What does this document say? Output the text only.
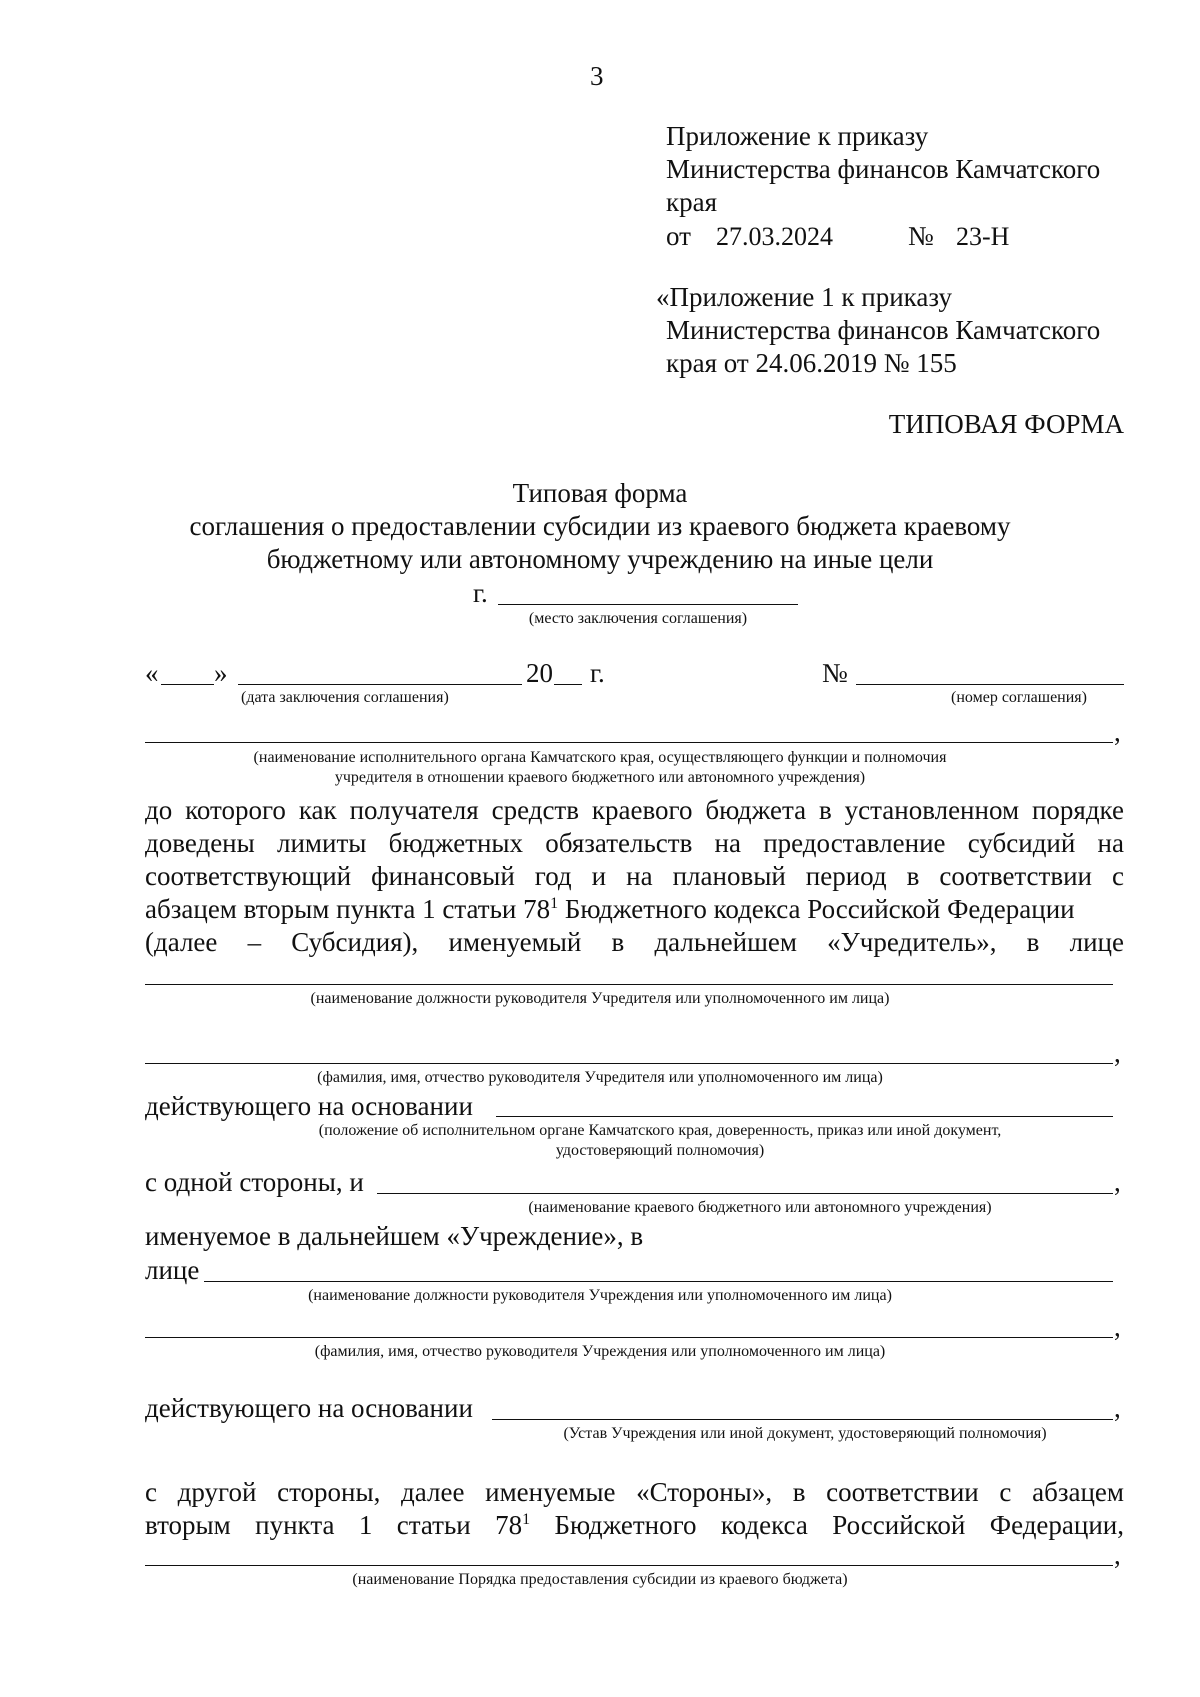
3
Приложение к приказу
Министерства финансов Камчатского
края
от 27.03.2024	№ 23-Н
«Приложение 1 к приказу
Министерства финансов Камчатского
края от 24.06.2019 № 155
ТИПОВАЯ ФОРМА
Типовая форма
соглашения о предоставлении субсидии из краевого бюджета краевому
бюджетному или автономному учреждению на иные цели
г.
(место заключения соглашения)
« »	20 г.
(дата заключения соглашения)
№
(номер соглашения)
,
(наименование исполнительного органа Камчатского края, осуществляющего функции и полномочия
учредителя в отношении краевого бюджетного или автономного учреждения)
до которого как получателя средств краевого бюджета в установленном порядке
доведены лимиты бюджетных обязательств на предоставление субсидий на
соответствующий финансовый год и на плановый период в соответствии с
абзацем вторым пункта 1 статьи $78^1$ Бюджетного кодекса Российской Федерации
(далее – Субсидия), именуемый в дальнейшем «Учредитель», в лице
(наименование должности руководителя Учредителя или уполномоченного им лица)
,
(фамилия, имя, отчество руководителя Учредителя или уполномоченного им лица)
действующего на основании
(положение об исполнительном органе Камчатского края, доверенность, приказ или иной документ,
удостоверяющий полномочия)
с одной стороны, и	,
(наименование краевого бюджетного или автономного учреждения)
именуемое в дальнейшем «Учреждение», в
лице
(наименование должности руководителя Учреждения или уполномоченного им лица)
,
(фамилия, имя, отчество руководителя Учреждения или уполномоченного им лица)
действующего на основании	,
(Устав Учреждения или иной документ, удостоверяющий полномочия)
с другой стороны, далее именуемые «Стороны», в соответствии с абзацем
вторым пункта 1 статьи $78^1$ Бюджетного кодекса Российской Федерации,
,
(наименование Порядка предоставления субсидии из краевого бюджета)
